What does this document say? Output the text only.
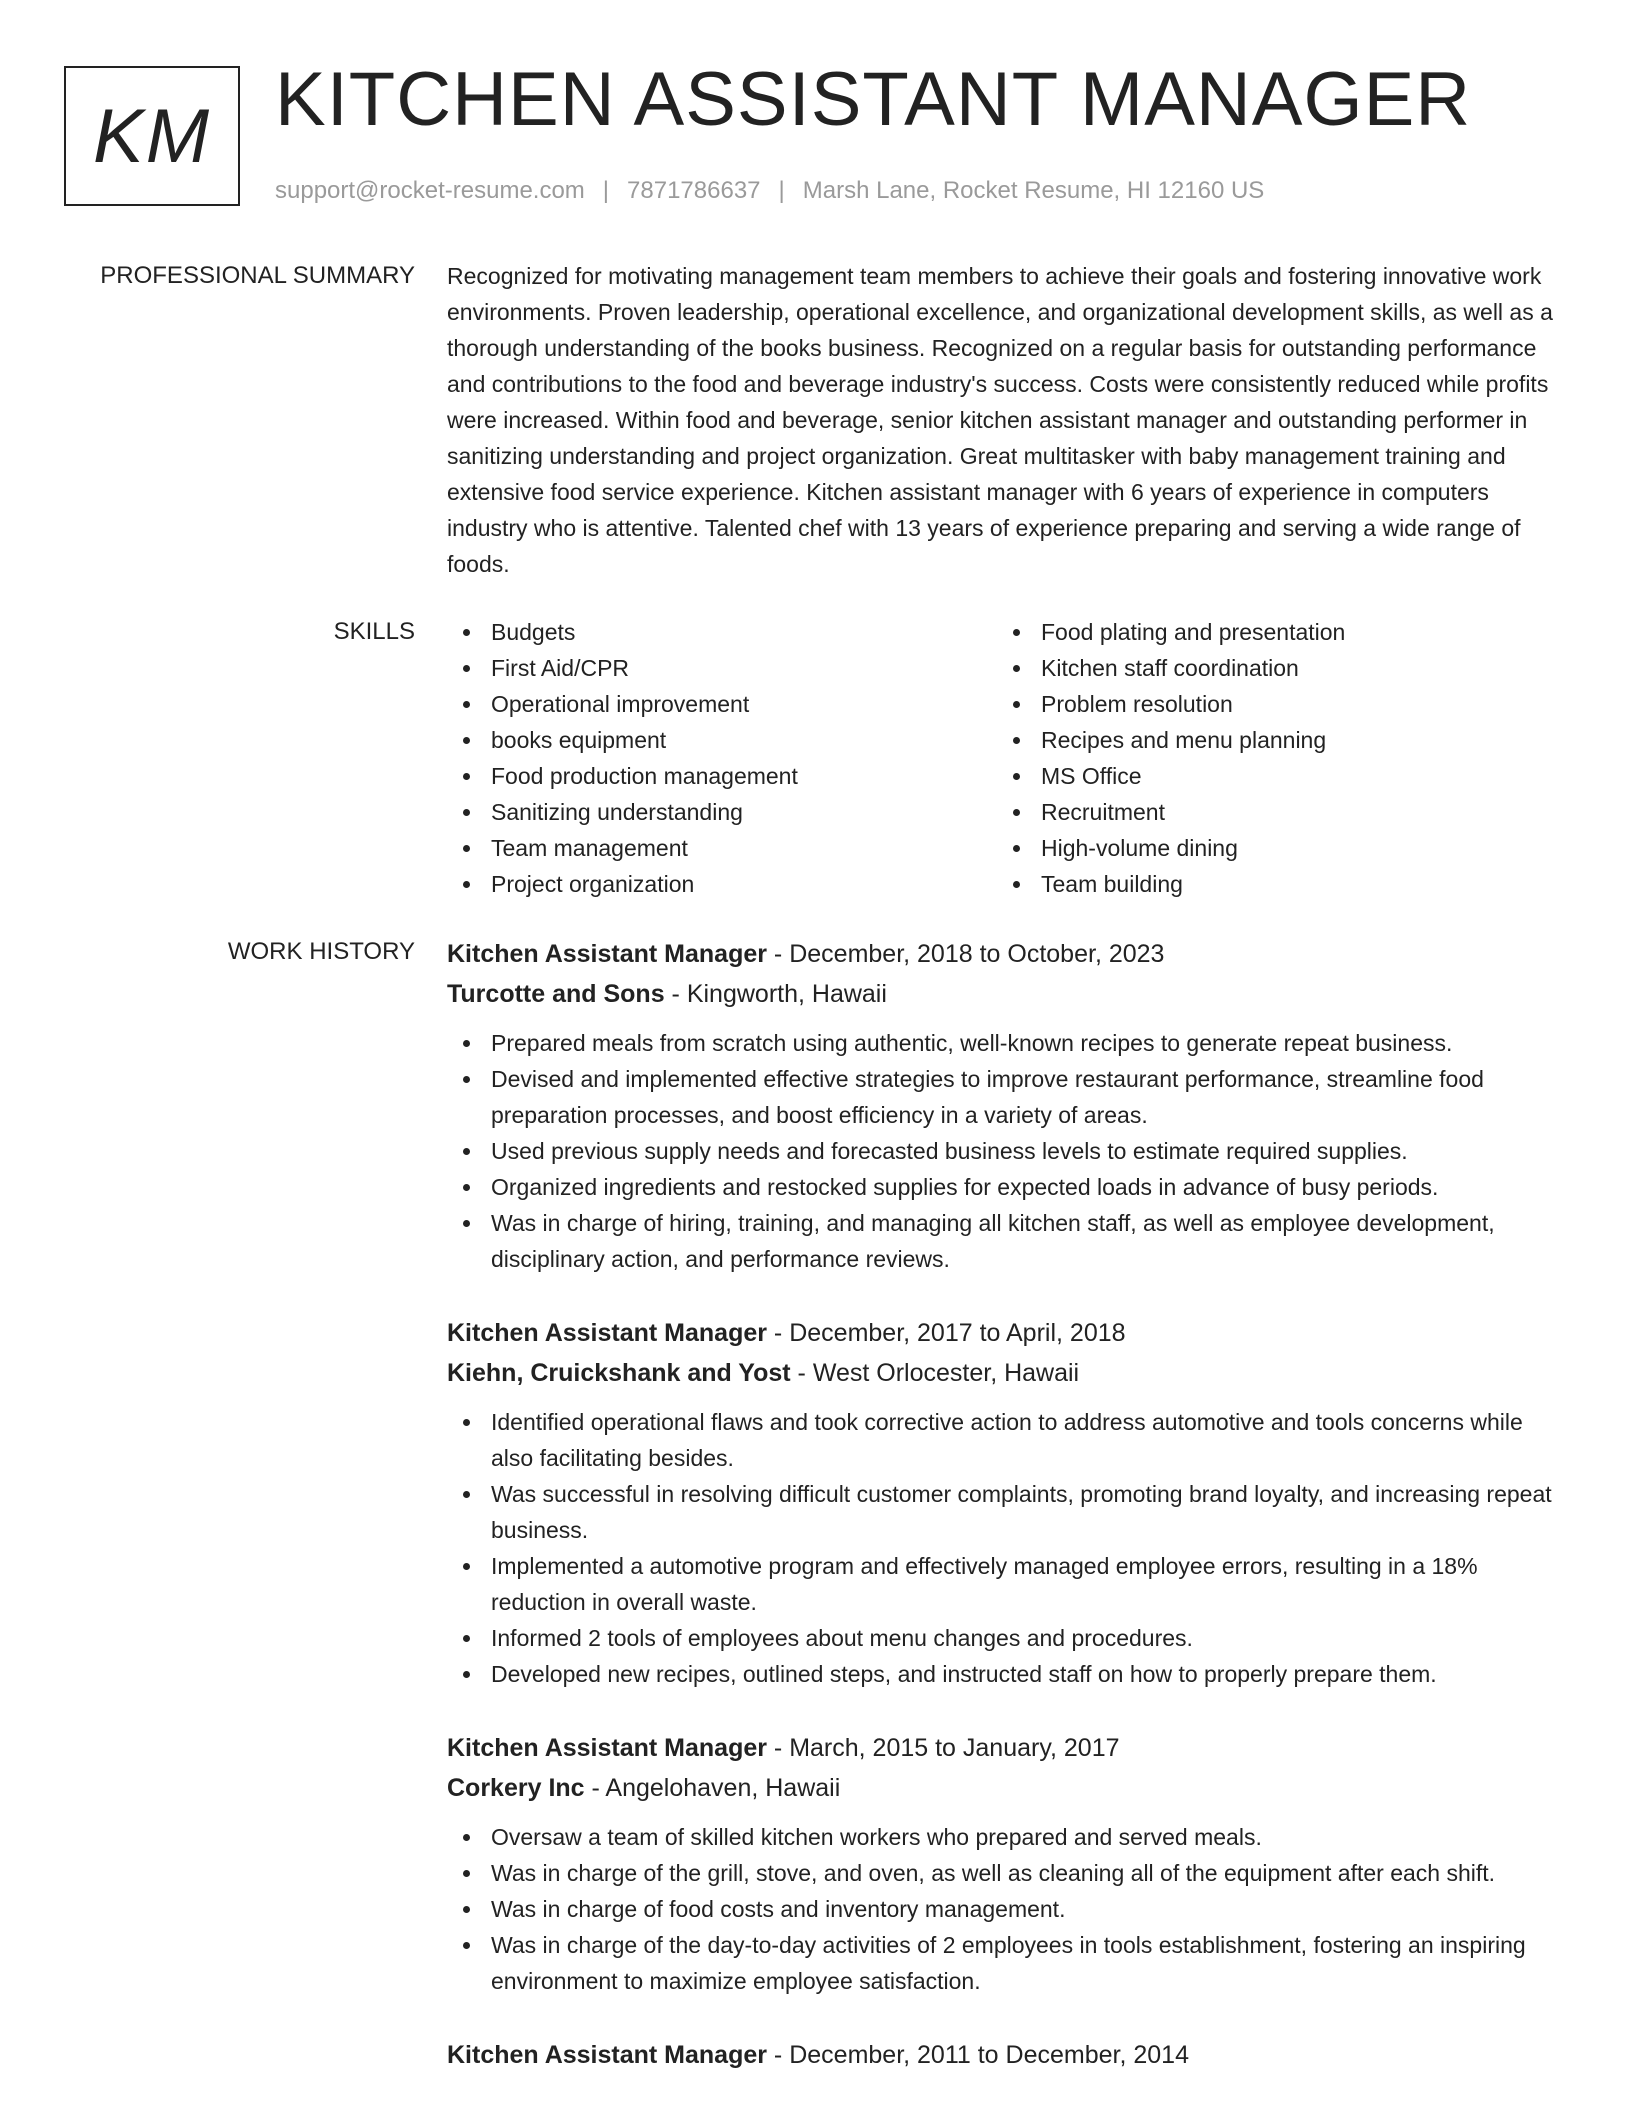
KM KITCHEN ASSISTANT MANAGER
support@rocket-resume.com | 7871786637 | Marsh Lane, Rocket Resume, HI 12160 US
PROFESSIONAL SUMMARY Recognized for motivating management team members to achieve their goals and fostering innovative work environments. Proven leadership, operational excellence, and organizational development skills, as well as a thorough understanding of the books business. Recognized on a regular basis for outstanding performance and contributions to the food and beverage industry's success. Costs were consistently reduced while profits were increased. Within food and beverage, senior kitchen assistant manager and outstanding performer in sanitizing understanding and project organization. Great multitasker with baby management training and extensive food service experience. Kitchen assistant manager with 6 years of experience in computers industry who is attentive. Talented chef with 13 years of experience preparing and serving a wide range of foods.

SKILLS	Budgets
First Aid/CPR
Operational improvement
books equipment
Food production management
Sanitizing understanding
Team management
Project organization
Food plating and presentation
Kitchen staff coordination
Problem resolution
Recipes and menu planning
MS Office
Recruitment
High-volume dining
Team building
WORK HISTORY Kitchen Assistant Manager - December, 2018 to October, 2023
Turcotte and Sons - Kingworth, Hawaii
Prepared meals from scratch using authentic, well-known recipes to generate repeat business.
Devised and implemented effective strategies to improve restaurant performance, streamline food preparation processes, and boost efficiency in a variety of areas.
Used previous supply needs and forecasted business levels to estimate required supplies.
Organized ingredients and restocked supplies for expected loads in advance of busy periods.
Was in charge of hiring, training, and managing all kitchen staff, as well as employee development, disciplinary action, and performance reviews.
Kitchen Assistant Manager - December, 2017 to April, 2018
Kiehn, Cruickshank and Yost - West Orlocester, Hawaii
Identified operational flaws and took corrective action to address automotive and tools concerns while also facilitating besides.
Was successful in resolving difficult customer complaints, promoting brand loyalty, and increasing repeat business.
Implemented a automotive program and effectively managed employee errors, resulting in a 18% reduction in overall waste.
Informed 2 tools of employees about menu changes and procedures.
Developed new recipes, outlined steps, and instructed staff on how to properly prepare them.
Kitchen Assistant Manager - March, 2015 to January, 2017
Corkery Inc - Angelohaven, Hawaii
Oversaw a team of skilled kitchen workers who prepared and served meals.
Was in charge of the grill, stove, and oven, as well as cleaning all of the equipment after each shift.
Was in charge of food costs and inventory management.
Was in charge of the day-to-day activities of 2 employees in tools establishment, fostering an inspiring environment to maximize employee satisfaction.
Kitchen Assistant Manager - December, 2011 to December, 2014
